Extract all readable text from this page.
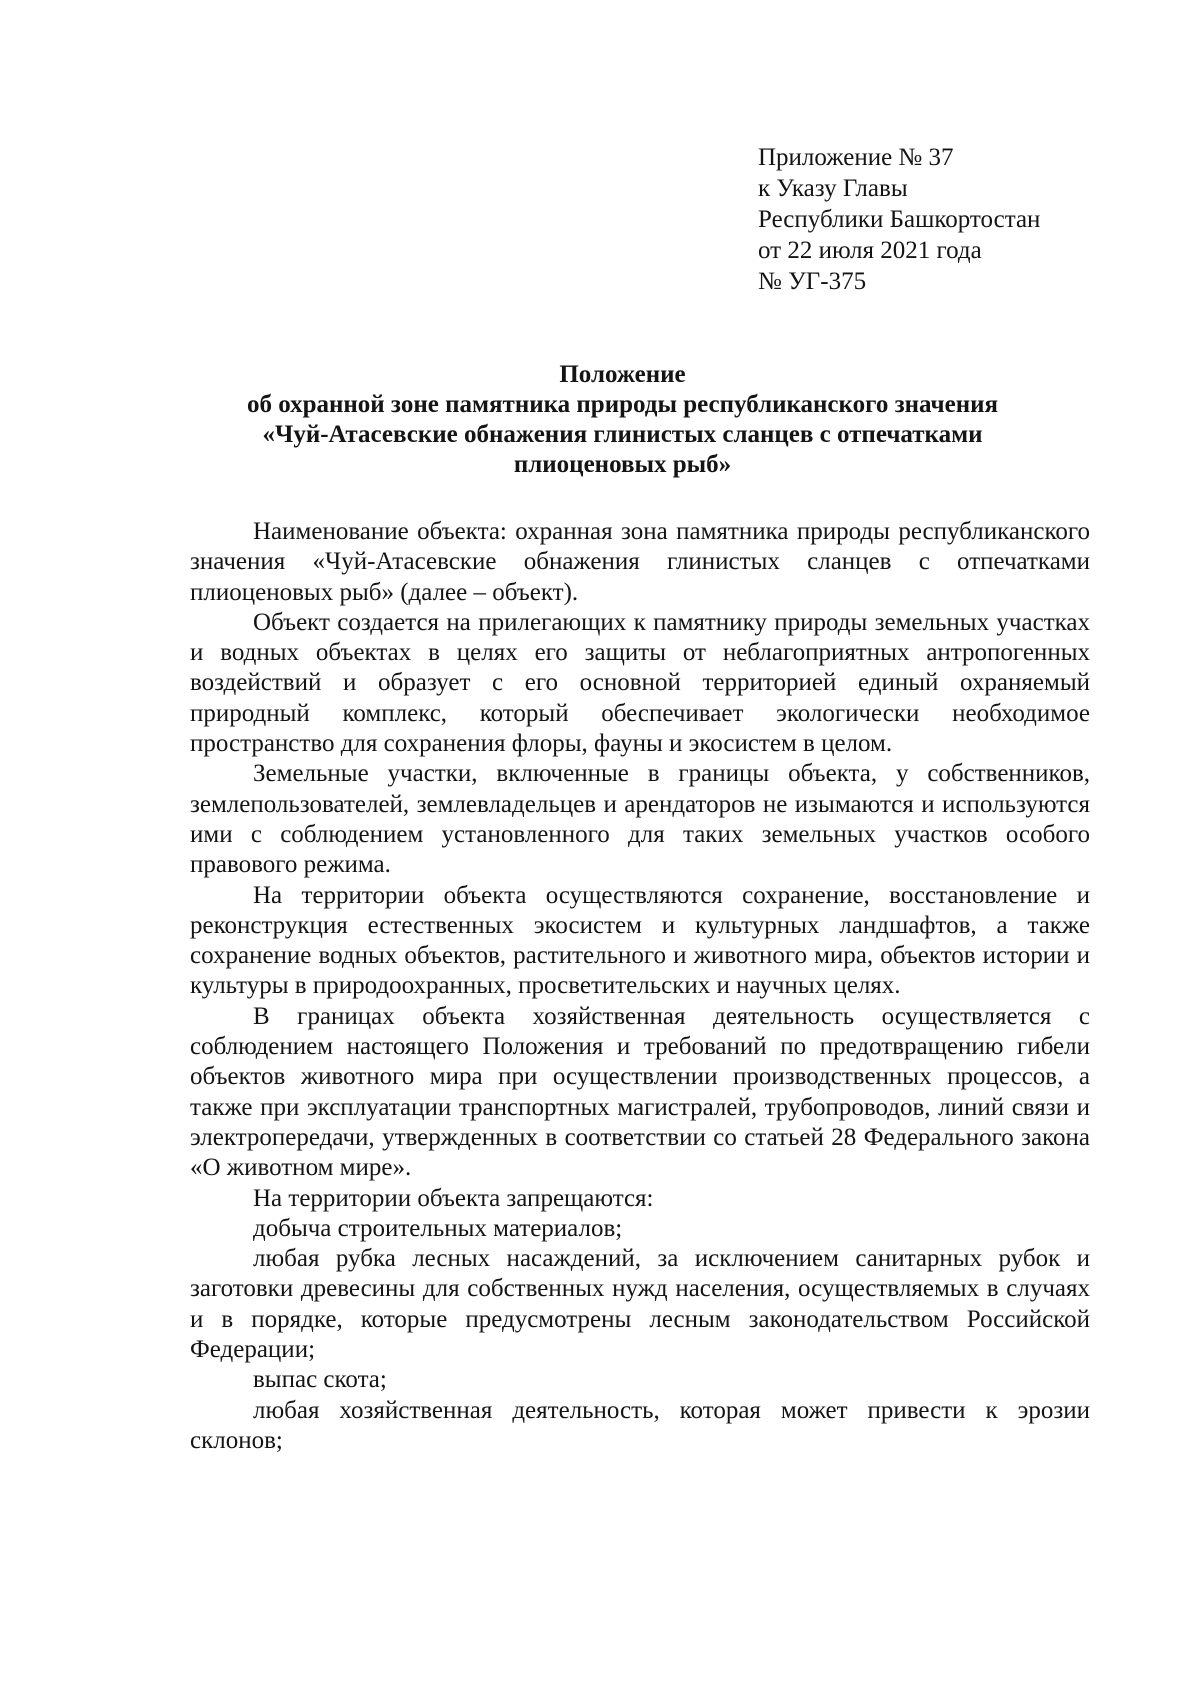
Приложение № 37
к Указу Главы
Республики Башкортостан
от 22 июля 2021 года
№ УГ-375
Положение
об охранной зоне памятника природы республиканского значения
«Чуй-Атасевские обнажения глинистых сланцев с отпечатками
плиоценовых рыб»

Наименование объекта: охранная зона памятника природы республиканского значения «Чуй-Атасевские обнажения глинистых сланцев с отпечатками плиоценовых рыб» (далее – объект).

Объект создается на прилегающих к памятнику природы земельных участках и водных объектах в целях его защиты от неблагоприятных антропогенных воздействий и образует с его основной территорией единый охраняемый природный комплекс, который обеспечивает экологически необходимое пространство для сохранения флоры, фауны и экосистем в целом.

Земельные участки, включенные в границы объекта, у собственников, землепользователей, землевладельцев и арендаторов не изымаются и используются ими с соблюдением установленного для таких земельных участков особого правового режима.

На территории объекта осуществляются сохранение, восстановление и реконструкция естественных экосистем и культурных ландшафтов, а также сохранение водных объектов, растительного и животного мира, объектов истории и культуры в природоохранных, просветительских и научных целях.

В границах объекта хозяйственная деятельность осуществляется с соблюдением настоящего Положения и требований по предотвращению гибели объектов животного мира при осуществлении производственных процессов, а также при эксплуатации транспортных магистралей, трубопроводов, линий связи и электропередачи, утвержденных в соответствии со статьей 28 Федерального закона «О животном мире».

На территории объекта запрещаются:

добыча строительных материалов;

любая рубка лесных насаждений, за исключением санитарных рубок и заготовки древесины для собственных нужд населения, осуществляемых в случаях и в порядке, которые предусмотрены лесным законодательством Российской Федерации;

выпас скота;

любая хозяйственная деятельность, которая может привести к эрозии склонов;
